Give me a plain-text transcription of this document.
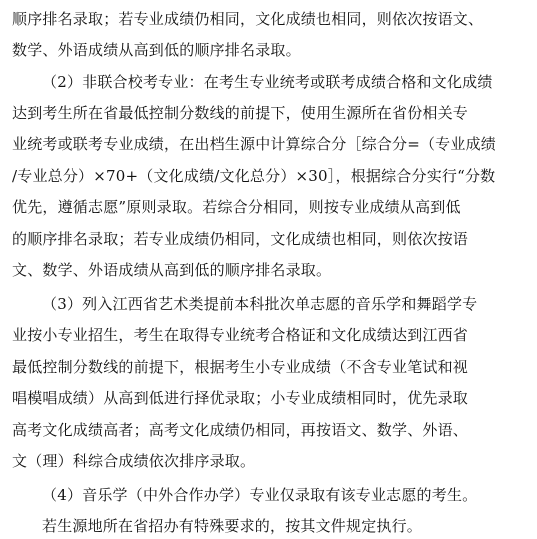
顺序排名录取；若专业成绩仍相同，文化成绩也相同，则依次按语文、
数学、外语成绩从高到低的顺序排名录取。
（2）非联合校考专业：在考生专业统考或联考成绩合格和文化成绩
达到考生所在省最低控制分数线的前提下，使用生源所在省份相关专
业统考或联考专业成绩，在出档生源中计算综合分［综合分=（专业成绩
/专业总分）×70+（文化成绩/文化总分）×30］，根据综合分实行“分数
优先，遵循志愿”原则录取。若综合分相同，则按专业成绩从高到低
的顺序排名录取；若专业成绩仍相同，文化成绩也相同，则依次按语
文、数学、外语成绩从高到低的顺序排名录取。
（3）列入江西省艺术类提前本科批次单志愿的音乐学和舞蹈学专
业按小专业招生，考生在取得专业统考合格证和文化成绩达到江西省
最低控制分数线的前提下，根据考生小专业成绩（不含专业笔试和视
唱模唱成绩）从高到低进行择优录取；小专业成绩相同时，优先录取
高考文化成绩高者；高考文化成绩仍相同，再按语文、数学、外语、
文（理）科综合成绩依次排序录取。
（4）音乐学（中外合作办学）专业仅录取有该专业志愿的考生。
若生源地所在省招办有特殊要求的，按其文件规定执行。
